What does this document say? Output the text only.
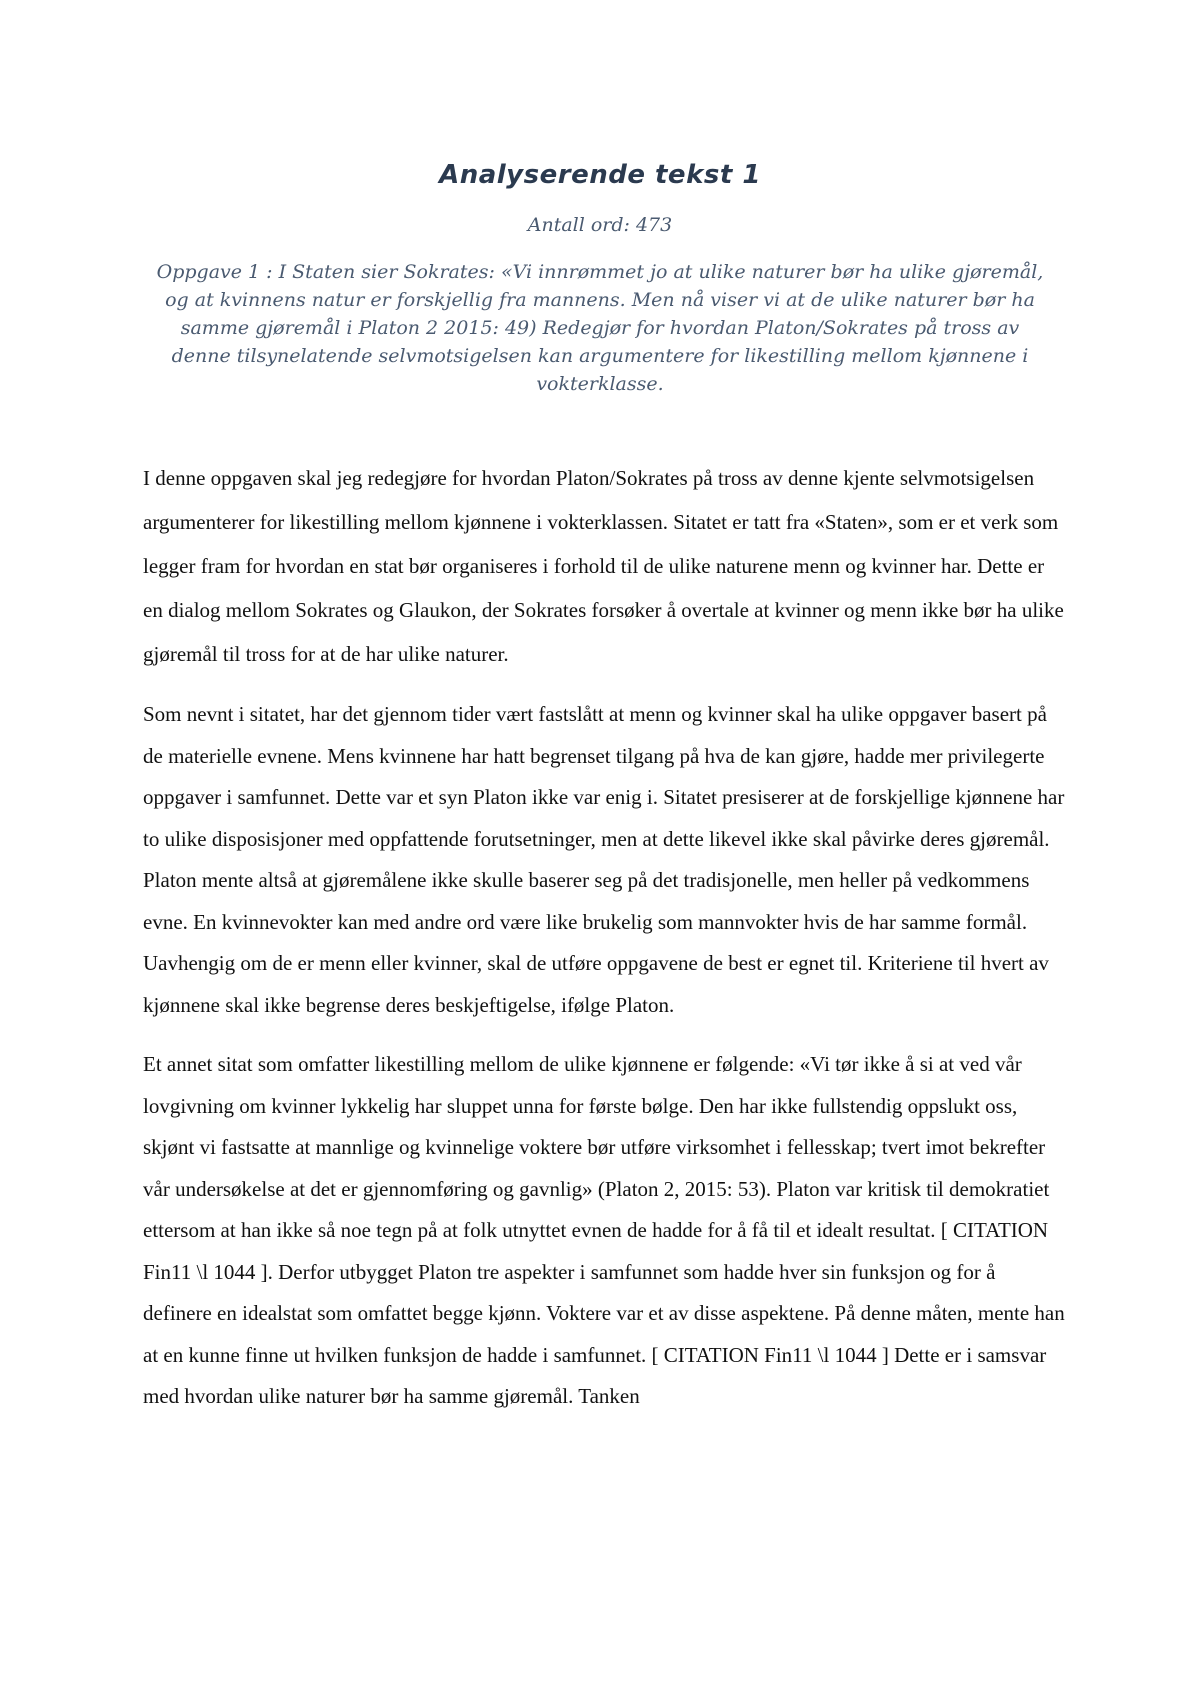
Analyserende tekst 1
Antall ord: 473
Oppgave 1 : I Staten sier Sokrates: «Vi innrømmet jo at ulike naturer bør ha ulike gjøremål, og at kvinnens natur er forskjellig fra mannens. Men nå viser vi at de ulike naturer bør ha samme gjøremål i Platon 2 2015: 49) Redegjør for hvordan Platon/Sokrates på tross av denne tilsynelatende selvmotsigelsen kan argumentere for likestilling mellom kjønnene i vokterklasse.

I denne oppgaven skal jeg redegjøre for hvordan Platon/Sokrates på tross av denne kjente selvmotsigelsen argumenterer for likestilling mellom kjønnene i vokterklassen. Sitatet er tatt fra «Staten», som er et verk som legger fram for hvordan en stat bør organiseres i forhold til de ulike naturene menn og kvinner har. Dette er en dialog mellom Sokrates og Glaukon, der Sokrates forsøker å overtale at kvinner og menn ikke bør ha ulike gjøremål til tross for at de har ulike naturer.

Som nevnt i sitatet, har det gjennom tider vært fastslått at menn og kvinner skal ha ulike oppgaver basert på de materielle evnene. Mens kvinnene har hatt begrenset tilgang på hva de kan gjøre, hadde mer privilegerte oppgaver i samfunnet. Dette var et syn Platon ikke var enig i. Sitatet presiserer at de forskjellige kjønnene har to ulike disposisjoner med oppfattende forutsetninger, men at dette likevel ikke skal påvirke deres gjøremål. Platon mente altså at gjøremålene ikke skulle baserer seg på det tradisjonelle, men heller på vedkommens evne. En kvinnevokter kan med andre ord være like brukelig som mannvokter hvis de har samme formål. Uavhengig om de er menn eller kvinner, skal de utføre oppgavene de best er egnet til. Kriteriene til hvert av kjønnene skal ikke begrense deres beskjeftigelse, ifølge Platon.

Et annet sitat som omfatter likestilling mellom de ulike kjønnene er følgende: «Vi tør ikke å si at ved vår lovgivning om kvinner lykkelig har sluppet unna for første bølge. Den har ikke fullstendig oppslukt oss, skjønt vi fastsatte at mannlige og kvinnelige voktere bør utføre virksomhet i fellesskap; tvert imot bekrefter vår undersøkelse at det er gjennomføring og gavnlig» (Platon 2, 2015: 53). Platon var kritisk til demokratiet ettersom at han ikke så noe tegn på at folk utnyttet evnen de hadde for å få til et idealt resultat. [ CITATION Fin11 \l 1044 ]. Derfor utbygget Platon tre aspekter i samfunnet som hadde hver sin funksjon og for å definere en idealstat som omfattet begge kjønn. Voktere var et av disse aspektene. På denne måten, mente han at en kunne finne ut hvilken funksjon de hadde i samfunnet. [ CITATION Fin11 \l 1044 ] Dette er i samsvar med hvordan ulike naturer bør ha samme gjøremål. Tanken
